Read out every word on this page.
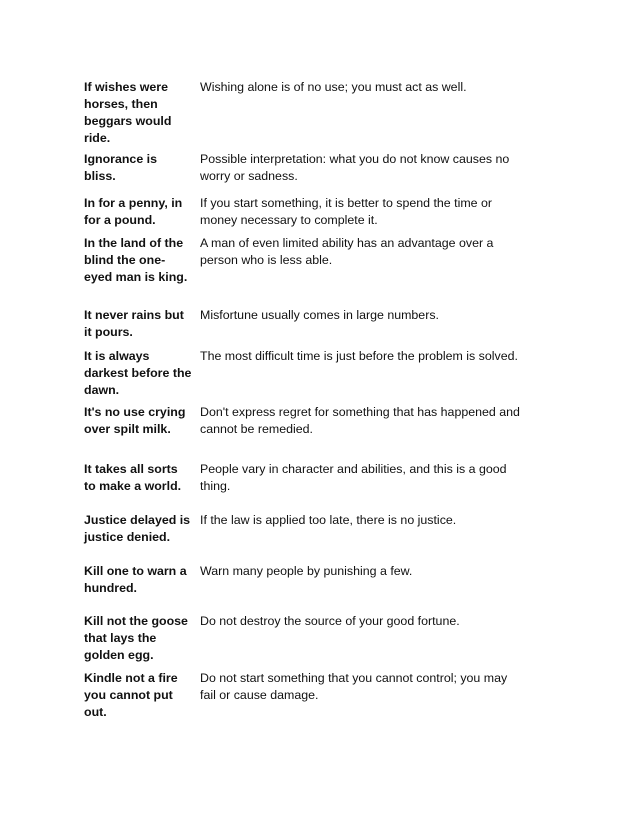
If wishes were horses, then beggars would ride.
Wishing alone is of no use; you must act as well.
Ignorance is bliss.
Possible interpretation: what you do not know causes no worry or sadness.
In for a penny, in for a pound.
If you start something, it is better to spend the time or money necessary to complete it.
In the land of the blind the one-eyed man is king.
A man of even limited ability has an advantage over a person who is less able.
It never rains but it pours.
Misfortune usually comes in large numbers.
It is always darkest before the dawn.
The most difficult time is just before the problem is solved.
It's no use crying over spilt milk.
Don't express regret for something that has happened and cannot be remedied.
It takes all sorts to make a world.
People vary in character and abilities, and this is a good thing.
Justice delayed is justice denied.
If the law is applied too late, there is no justice.
Kill one to warn a hundred.
Warn many people by punishing a few.
Kill not the goose that lays the golden egg.
Do not destroy the source of your good fortune.
Kindle not a fire you cannot put out.
Do not start something that you cannot control; you may fail or cause damage.
